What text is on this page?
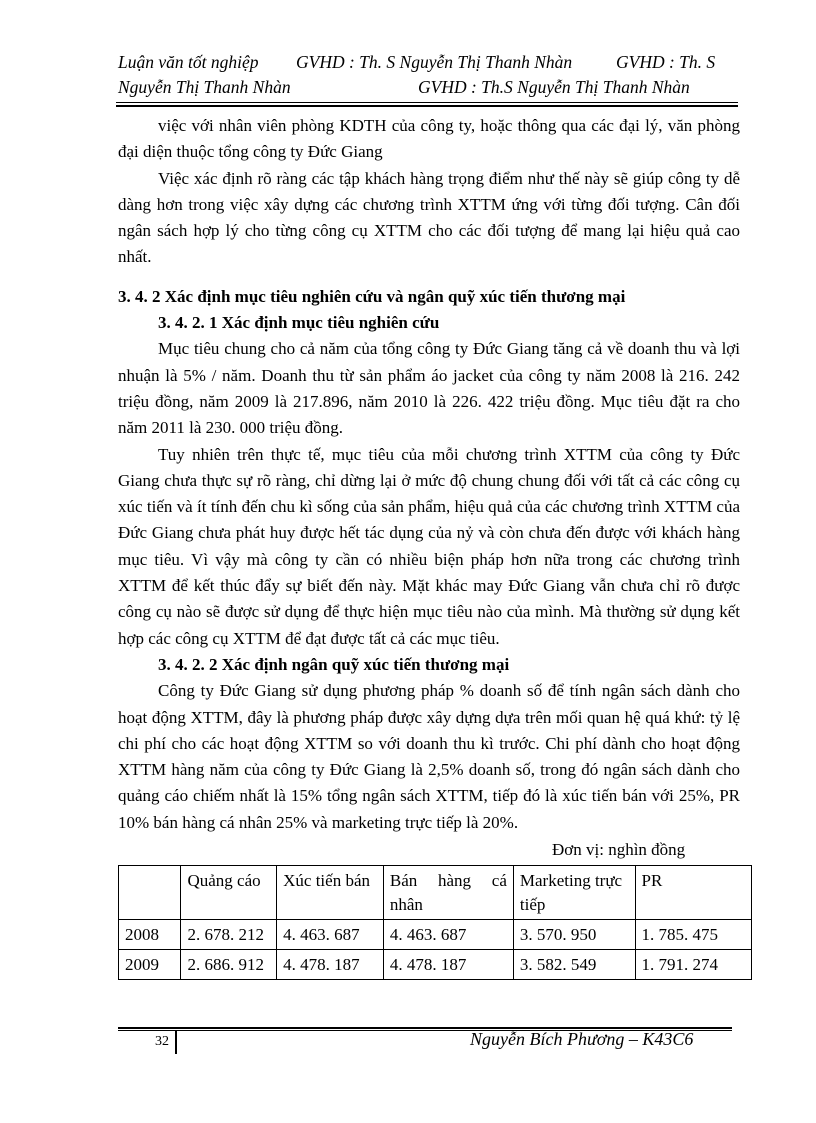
Luận văn tốt nghiệp GVHD : Th. S Nguyễn Thị Thanh Nhàn	GVHD : Th. S
Nguyễn Thị Thanh Nhàn	GVHD : Th.S Nguyễn Thị Thanh Nhàn

việc với nhân viên phòng KDTH của công ty, hoặc thông qua các đại lý, văn phòng đại diện thuộc tổng công ty Đức Giang

Việc xác định rõ ràng các tập khách hàng trọng điểm như thế này sẽ giúp công ty dễ dàng hơn trong việc xây dựng các chương trình XTTM ứng với từng đối tượng. Cân đối ngân sách hợp lý cho từng công cụ XTTM cho các đối tượng để mang lại hiệu quả cao nhất.

3. 4. 2 Xác định mục tiêu nghiên cứu và ngân quỹ xúc tiến thương mại

3. 4. 2. 1 Xác định mục tiêu nghiên cứu

Mục tiêu chung cho cả năm của tổng công ty Đức Giang tăng cả về doanh thu và lợi nhuận là 5% / năm. Doanh thu từ sản phẩm áo jacket của công ty năm 2008 là 216. 242 triệu đồng, năm 2009 là 217.896, năm 2010 là 226. 422 triệu đồng. Mục tiêu đặt ra cho năm 2011 là 230. 000 triệu đồng.

Tuy nhiên trên thực tế, mục tiêu của mỗi chương trình XTTM của công ty Đức Giang chưa thực sự rõ ràng, chỉ dừng lại ở mức độ chung chung đối với tất cả các công cụ xúc tiến và ít tính đến chu kì sống của sản phẩm, hiệu quả của các chương trình XTTM của Đức Giang chưa phát huy được hết tác dụng của nỷ và còn chưa đến được với khách hàng mục tiêu. Vì vậy mà công ty cần có nhiều biện pháp hơn nữa trong các chương trình XTTM để kết thúc đẩy sự biết đến này. Mặt khác may Đức Giang vẫn chưa chỉ rõ được công cụ nào sẽ được sử dụng để thực hiện mục tiêu nào của mình. Mà thường sử dụng kết hợp các công cụ XTTM để đạt được tất cả các mục tiêu.

3. 4. 2. 2 Xác định ngân quỹ xúc tiến thương mại

Công ty Đức Giang sử dụng phương pháp % doanh số để tính ngân sách dành cho hoạt động XTTM, đây là phương pháp được xây dựng dựa trên mối quan hệ quá khứ: tỷ lệ chi phí cho các hoạt động XTTM so với doanh thu kì trước. Chi phí dành cho hoạt động XTTM hàng năm của công ty Đức Giang là 2,5% doanh số, trong đó ngân sách dành cho quảng cáo chiếm nhất là 15% tổng ngân sách XTTM, tiếp đó là xúc tiến bán với 25%, PR 10% bán hàng cá nhân 25% và marketing trực tiếp là 20%.

Đơn vị: nghìn đồng
	Quảng cáo	Xúc tiến bán	Bán hàng cá nhân	Marketing trực tiếp	PR
2008	2. 678. 212	4. 463. 687	4. 463. 687	3. 570. 950	1. 785. 475
2009	2. 686. 912	4. 478. 187	4. 478. 187	3. 582. 549	1. 791. 274
32	Nguyễn Bích Phương – K43C6
